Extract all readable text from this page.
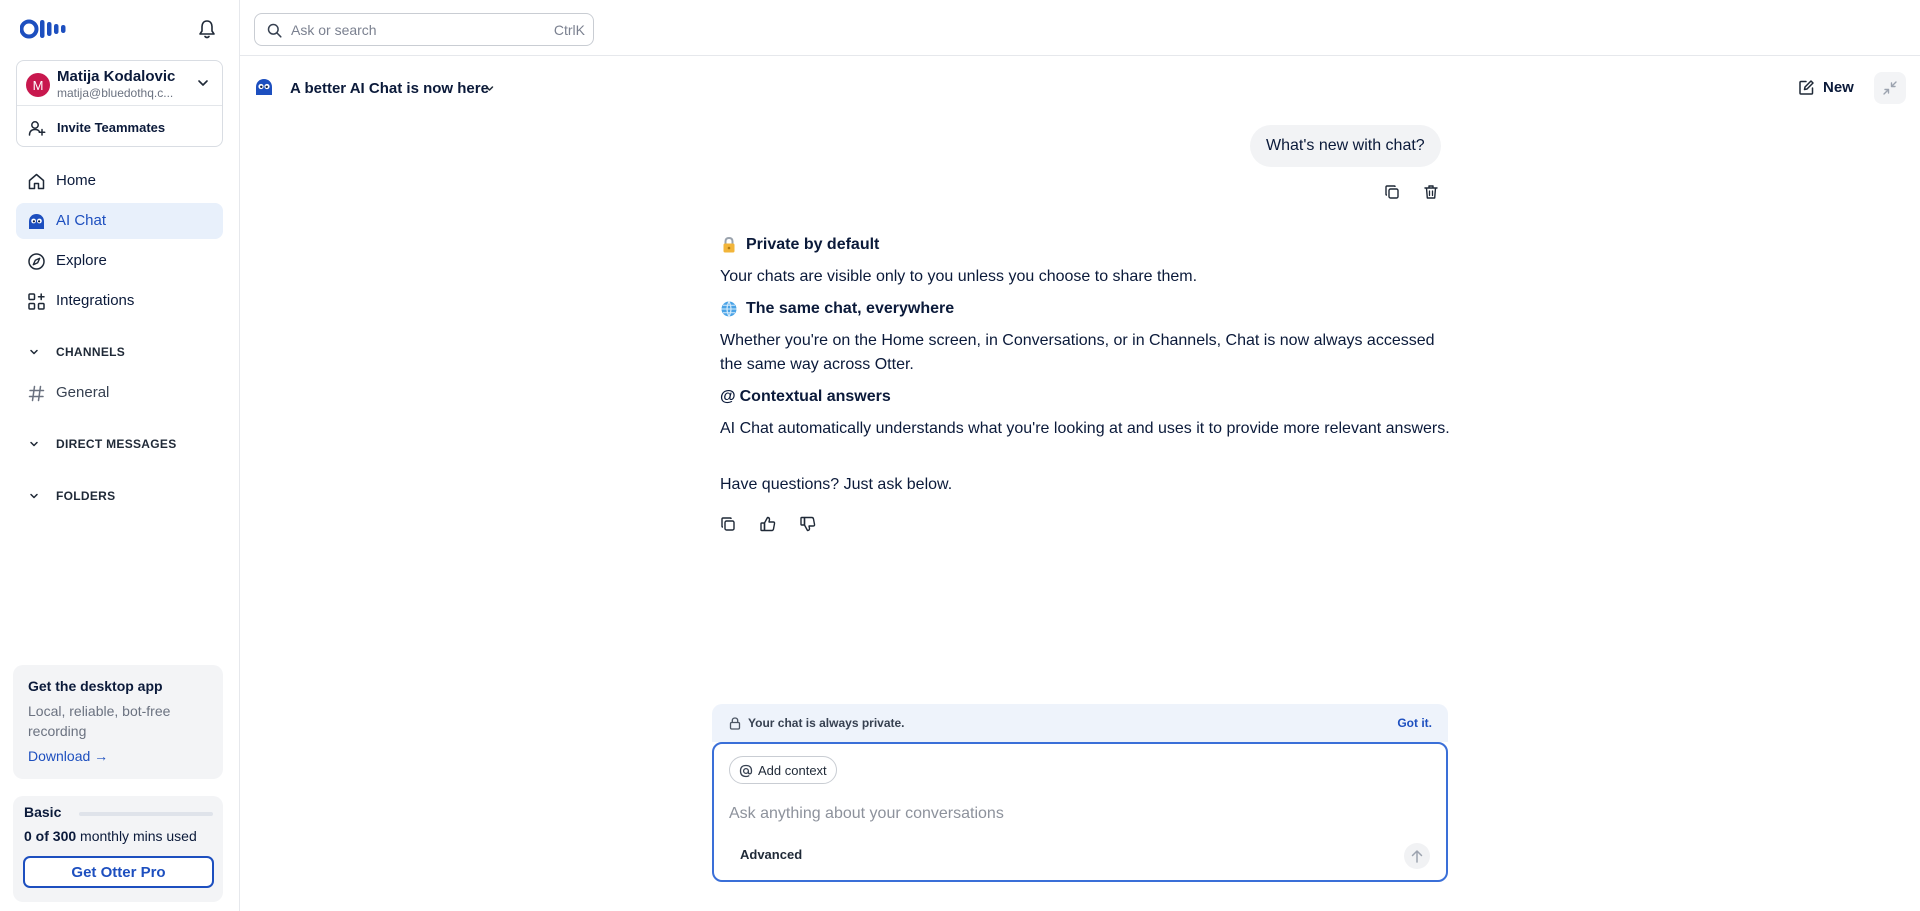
M Matija Kodalovic
matija@bluedothq.c...
Invite Teammates
Home
AI Chat
Explore
Integrations
CHANNELS
General
DIRECT MESSAGES
FOLDERS
Get the desktop app
Local, reliable, bot-free recording
Download →
Basic
0 of 300 monthly mins used
Get Otter Pro
Ask or search
CtrlK
A better AI Chat is now here	New
What's new with chat?
Private by default

Your chats are visible only to you unless you choose to share them.

The same chat, everywhere

Whether you're on the Home screen, in Conversations, or in Channels, Chat is now always accessed the same way across Otter.

@ Contextual answers

AI Chat automatically understands what you're looking at and uses it to provide more relevant answers.

Have questions? Just ask below.

Your chat is always private.	Got it.
Add context
Ask anything about your conversations
Advanced
